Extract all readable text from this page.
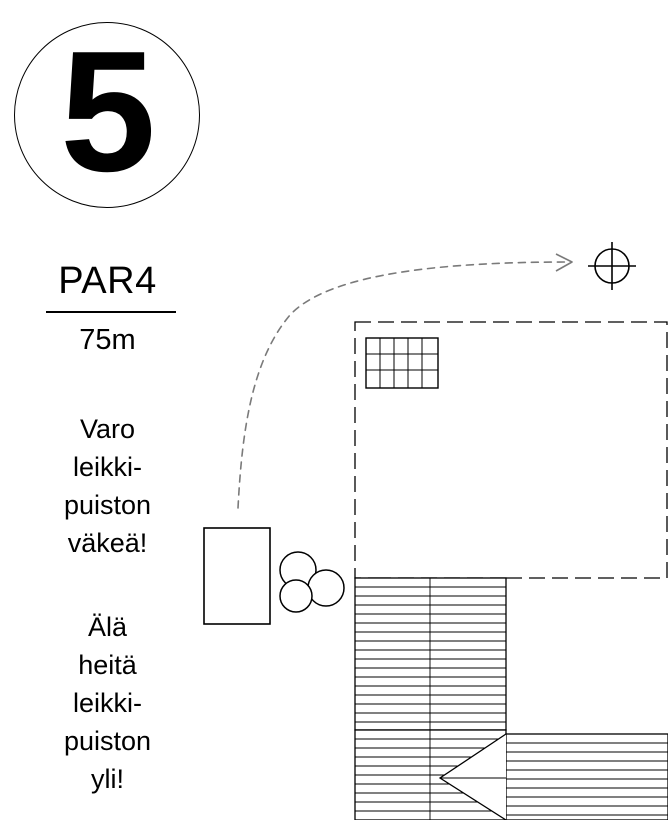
5
PAR4
75m
Varo
leikki-
puiston
väkeä!
Älä
heitä
leikki-
puiston
yli!
